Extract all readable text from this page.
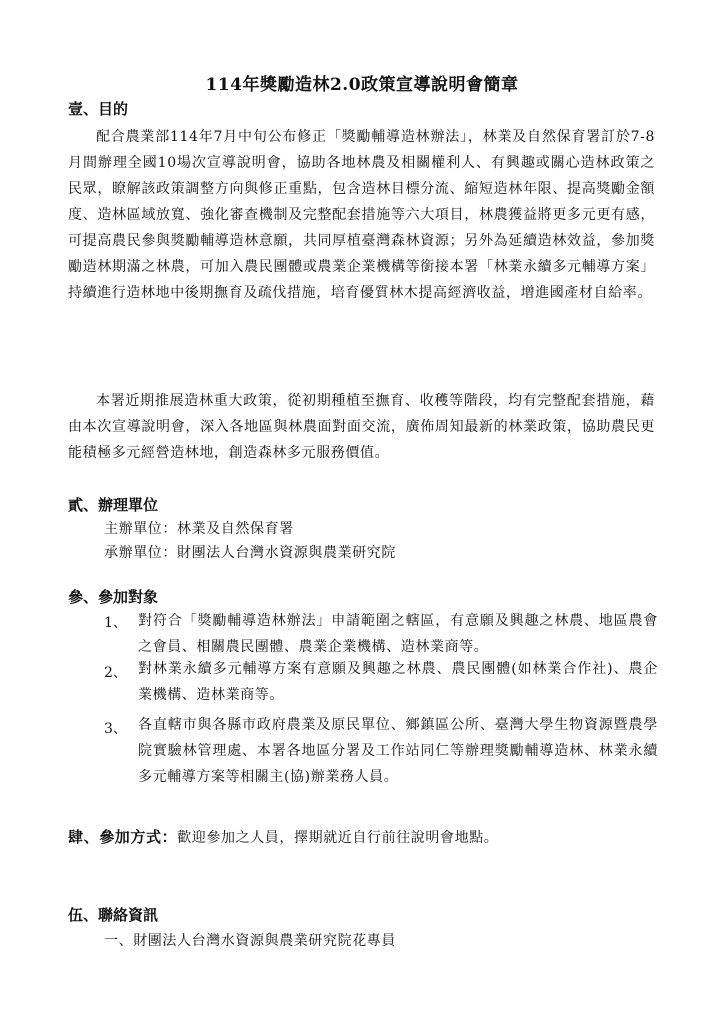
114年獎勵造林2.0政策宣導說明會簡章
壹、目的
配合農業部114年7月中旬公布修正「獎勵輔導造林辦法」，林業及自然保育署訂於7-8月間辦理全國10場次宣導說明會，協助各地林農及相關權利人、有興趣或關心造林政策之民眾，瞭解該政策調整方向與修正重點，包含造林目標分流、縮短造林年限、提高獎勵金額度、造林區域放寬、強化審查機制及完整配套措施等六大項目，林農獲益將更多元更有感，可提高農民參與獎勵輔導造林意願，共同厚植臺灣森林資源；另外為延續造林效益，參加獎勵造林期滿之林農，可加入農民團體或農業企業機構等銜接本署「林業永續多元輔導方案」持續進行造林地中後期撫育及疏伐措施，培育優質林木提高經濟收益，增進國產材自給率。
本署近期推展造林重大政策，從初期種植至撫育、收穫等階段，均有完整配套措施，藉由本次宣導說明會，深入各地區與林農面對面交流，廣佈周知最新的林業政策，協助農民更能積極多元經營造林地，創造森林多元服務價值。
貳、辦理單位
主辦單位：林業及自然保育署
承辦單位：財團法人台灣水資源與農業研究院
參、參加對象
1、 對符合「獎勵輔導造林辦法」申請範圍之轄區，有意願及興趣之林農、地區農會之會員、相關農民團體、農業企業機構、造林業商等。
2、 對林業永續多元輔導方案有意願及興趣之林農、農民團體(如林業合作社)、農企業機構、造林業商等。
3、 各直轄市與各縣市政府農業及原民單位、鄉鎮區公所、臺灣大學生物資源暨農學院實驗林管理處、本署各地區分署及工作站同仁等辦理獎勵輔導造林、林業永續多元輔導方案等相關主(協)辦業務人員。
肆、參加方式：歡迎參加之人員，擇期就近自行前往說明會地點。
伍、聯絡資訊
一、財團法人台灣水資源與農業研究院花專員
